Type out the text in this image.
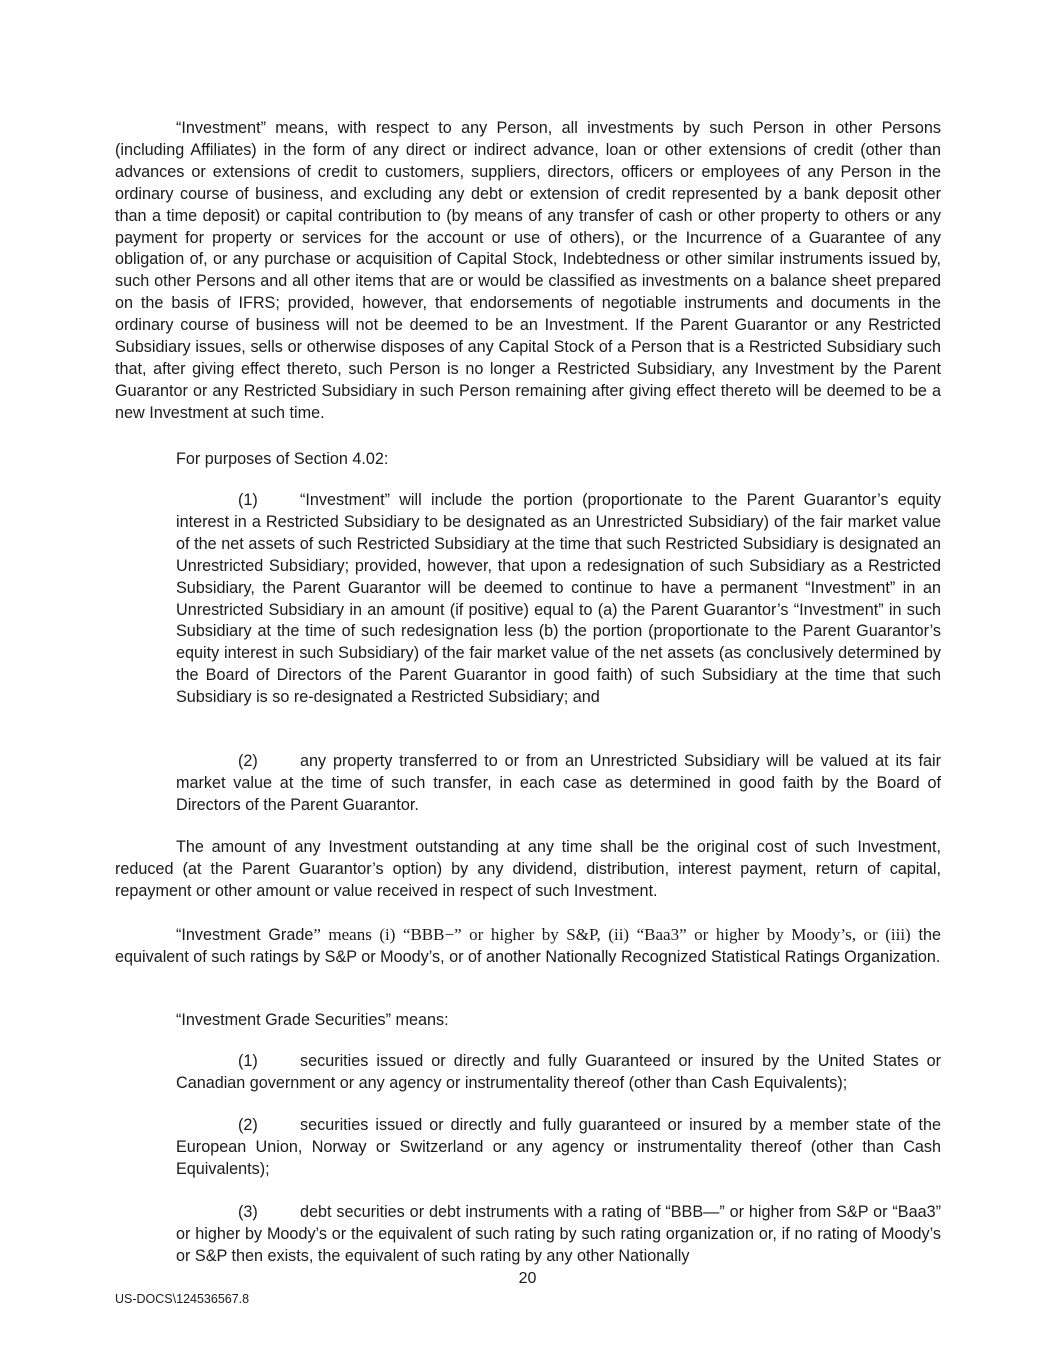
“Investment” means, with respect to any Person, all investments by such Person in other Persons (including Affiliates) in the form of any direct or indirect advance, loan or other extensions of credit (other than advances or extensions of credit to customers, suppliers, directors, officers or employees of any Person in the ordinary course of business, and excluding any debt or extension of credit represented by a bank deposit other than a time deposit) or capital contribution to (by means of any transfer of cash or other property to others or any payment for property or services for the account or use of others), or the Incurrence of a Guarantee of any obligation of, or any purchase or acquisition of Capital Stock, Indebtedness or other similar instruments issued by, such other Persons and all other items that are or would be classified as investments on a balance sheet prepared on the basis of IFRS; provided, however, that endorsements of negotiable instruments and documents in the ordinary course of business will not be deemed to be an Investment. If the Parent Guarantor or any Restricted Subsidiary issues, sells or otherwise disposes of any Capital Stock of a Person that is a Restricted Subsidiary such that, after giving effect thereto, such Person is no longer a Restricted Subsidiary, any Investment by the Parent Guarantor or any Restricted Subsidiary in such Person remaining after giving effect thereto will be deemed to be a new Investment at such time.

For purposes of Section 4.02:

(1)	“Investment” will include the portion (proportionate to the Parent Guarantor’s equity interest in a Restricted Subsidiary to be designated as an Unrestricted Subsidiary) of the fair market value of the net assets of such Restricted Subsidiary at the time that such Restricted Subsidiary is designated an Unrestricted Subsidiary; provided, however, that upon a redesignation of such Subsidiary as a Restricted Subsidiary, the Parent Guarantor will be deemed to continue to have a permanent “Investment” in an Unrestricted Subsidiary in an amount (if positive) equal to (a) the Parent Guarantor’s “Investment” in such Subsidiary at the time of such redesignation less (b) the portion (proportionate to the Parent Guarantor’s equity interest in such Subsidiary) of the fair market value of the net assets (as conclusively determined by the Board of Directors of the Parent Guarantor in good faith) of such Subsidiary at the time that such Subsidiary is so re-designated a Restricted Subsidiary; and

(2)	any property transferred to or from an Unrestricted Subsidiary will be valued at its fair market value at the time of such transfer, in each case as determined in good faith by the Board of Directors of the Parent Guarantor.

The amount of any Investment outstanding at any time shall be the original cost of such Investment, reduced (at the Parent Guarantor’s option) by any dividend, distribution, interest payment, return of capital, repayment or other amount or value received in respect of such Investment.

“Investment Grade” means (i) “BBB−” or higher by S&P, (ii) “Baa3” or higher by Moody’s, or (iii) the equivalent of such ratings by S&P or Moody’s, or of another Nationally Recognized Statistical Ratings Organization.

“Investment Grade Securities” means:

(1)	securities issued or directly and fully Guaranteed or insured by the United States or Canadian government or any agency or instrumentality thereof (other than Cash Equivalents);

(2)	securities issued or directly and fully guaranteed or insured by a member state of the European Union, Norway or Switzerland or any agency or instrumentality thereof (other than Cash Equivalents);

(3)	debt securities or debt instruments with a rating of “BBB—” or higher from S&P or “Baa3” or higher by Moody’s or the equivalent of such rating by such rating organization or, if no rating of Moody’s or S&P then exists, the equivalent of such rating by any other Nationally

20
US-DOCS\124536567.8
